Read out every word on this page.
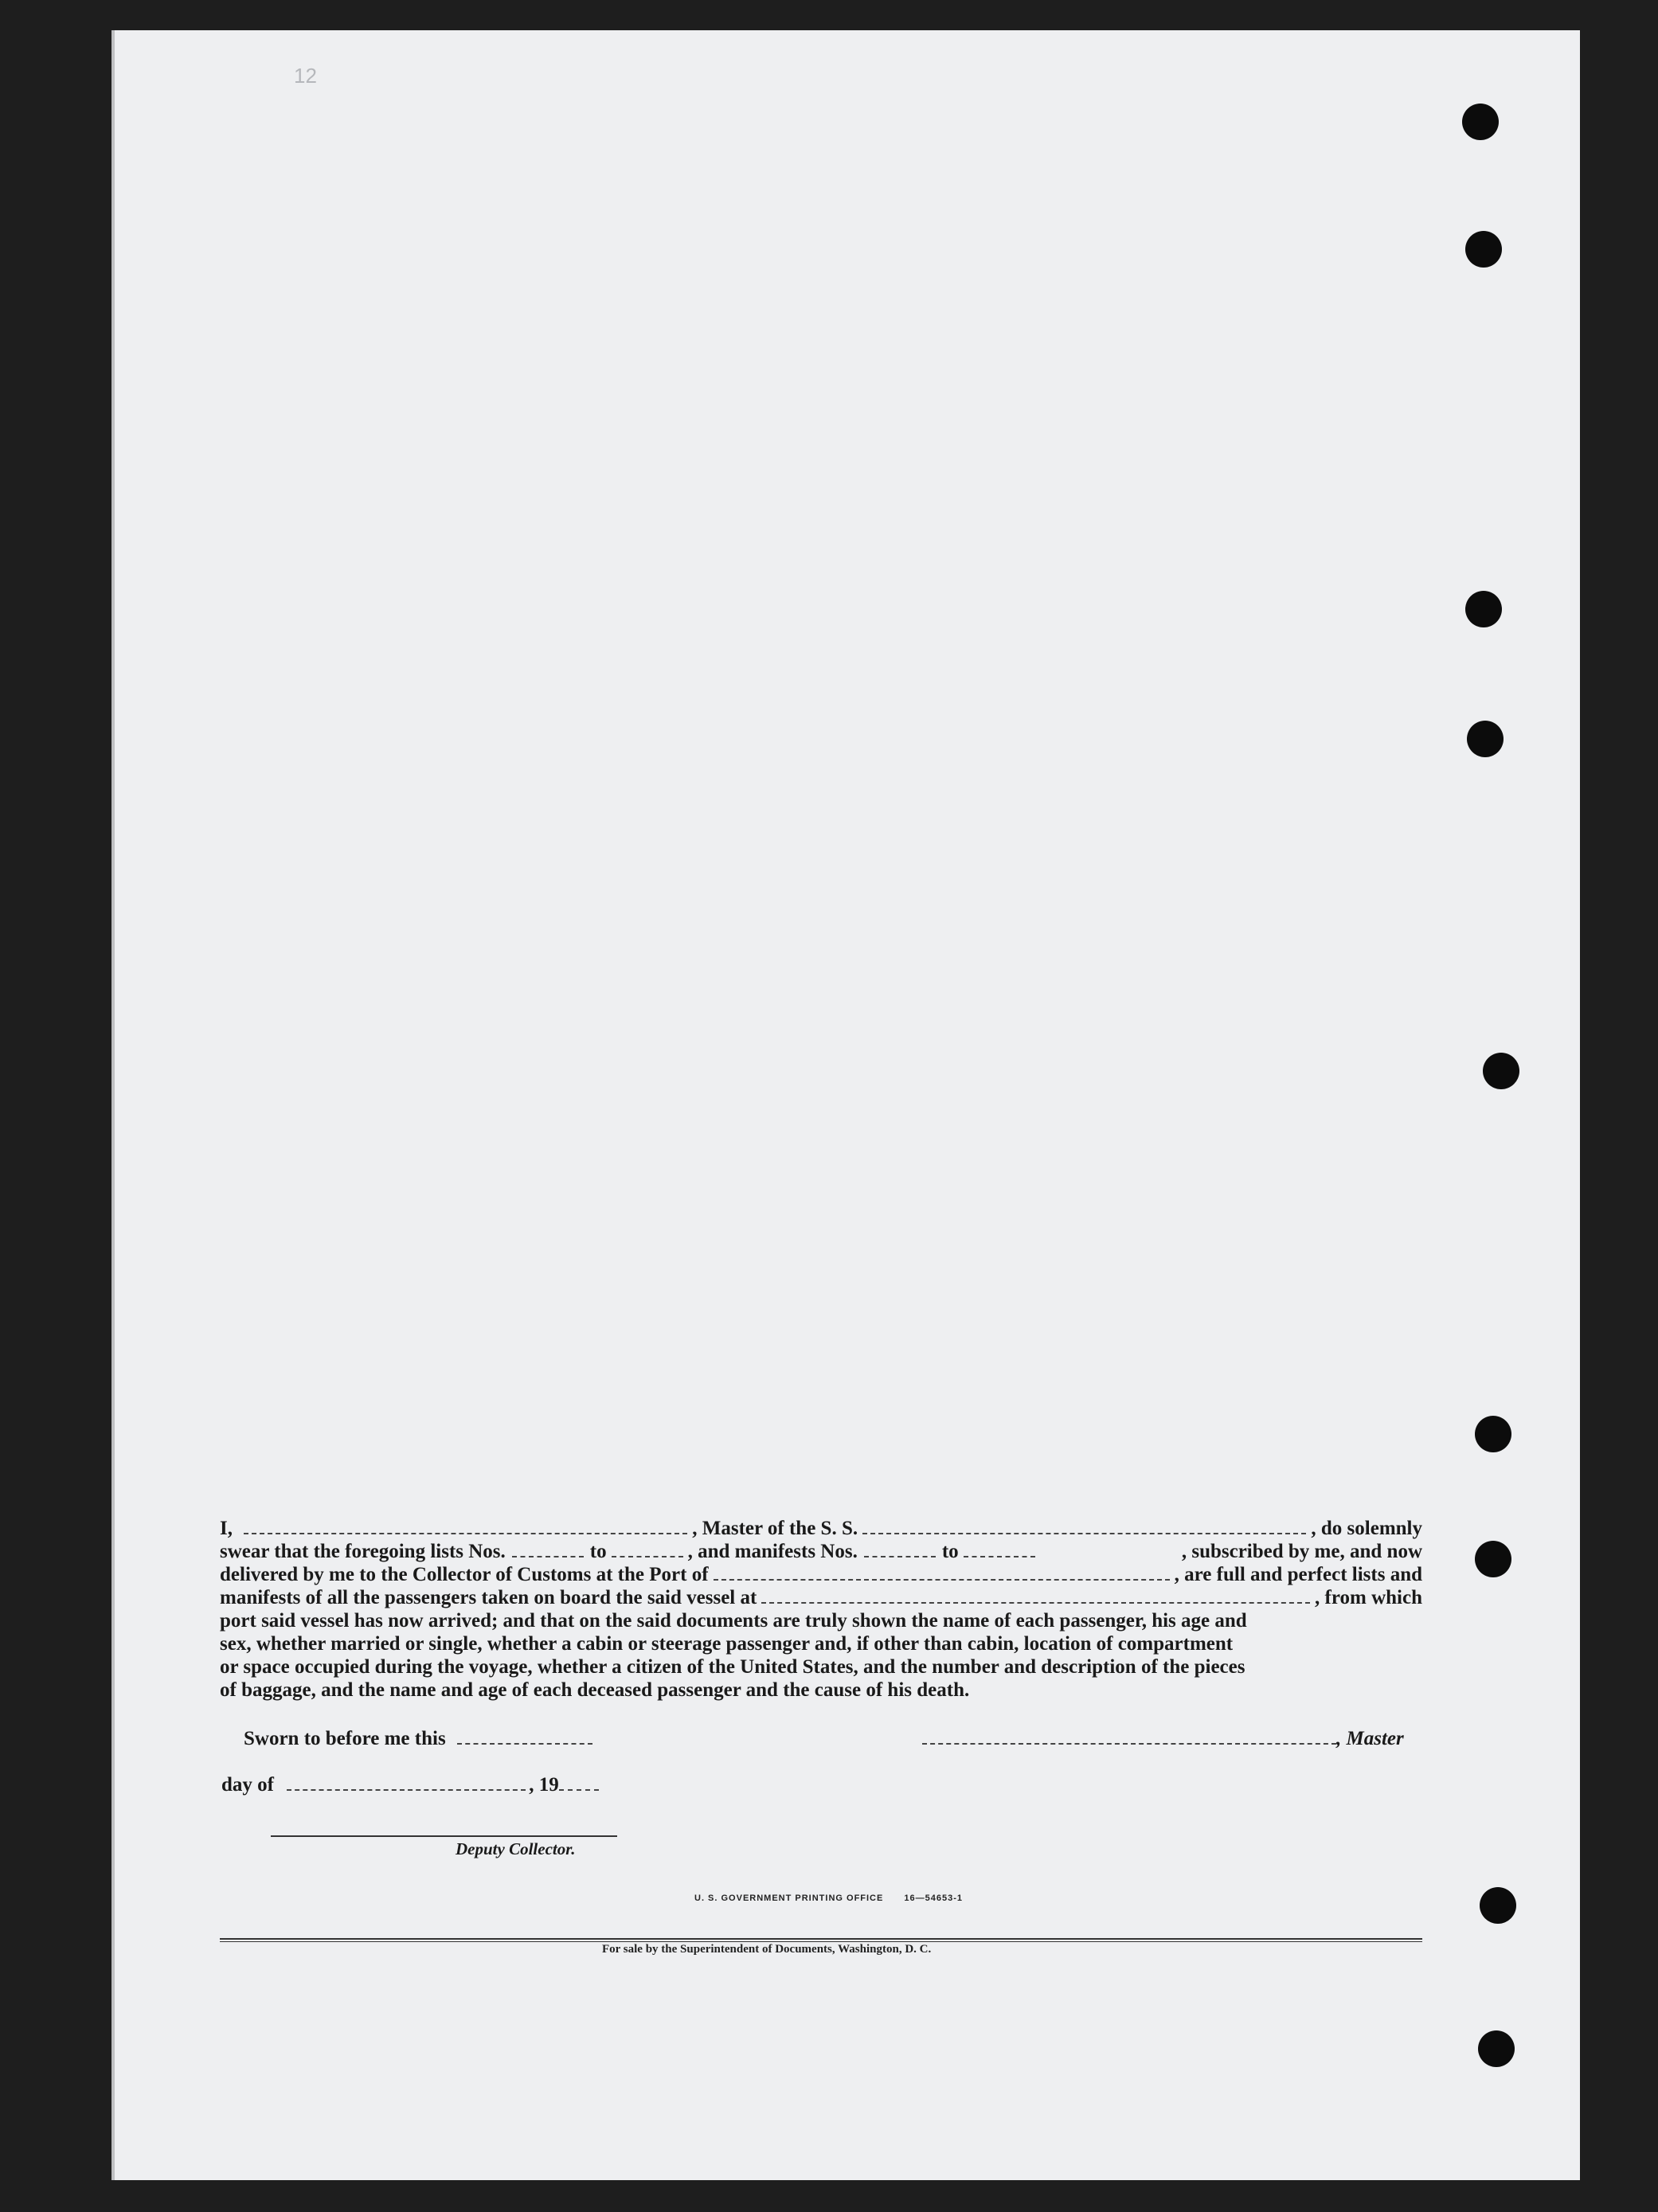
12
I,	, Master of the S. S.	, do solemnly
swear that the foregoing lists Nos.	to	, and manifests Nos.	to	, subscribed by me, and now
delivered by me to the Collector of Customs at the Port of	, are full and perfect lists and
manifests of all the passengers taken on board the said vessel at	, from which
port said vessel has now arrived; and that on the said documents are truly shown the name of each passenger, his age and
sex, whether married or single, whether a cabin or steerage passenger and, if other than cabin, location of compartment
or space occupied during the voyage, whether a citizen of the United States, and the number and description of the pieces
of baggage, and the name and age of each deceased passenger and the cause of his death.
Sworn to before me this	, Master
day of	, 19
Deputy Collector.
U. S. GOVERNMENT PRINTING OFFICE 16—54653-1
For sale by the Superintendent of Documents, Washington, D. C.
